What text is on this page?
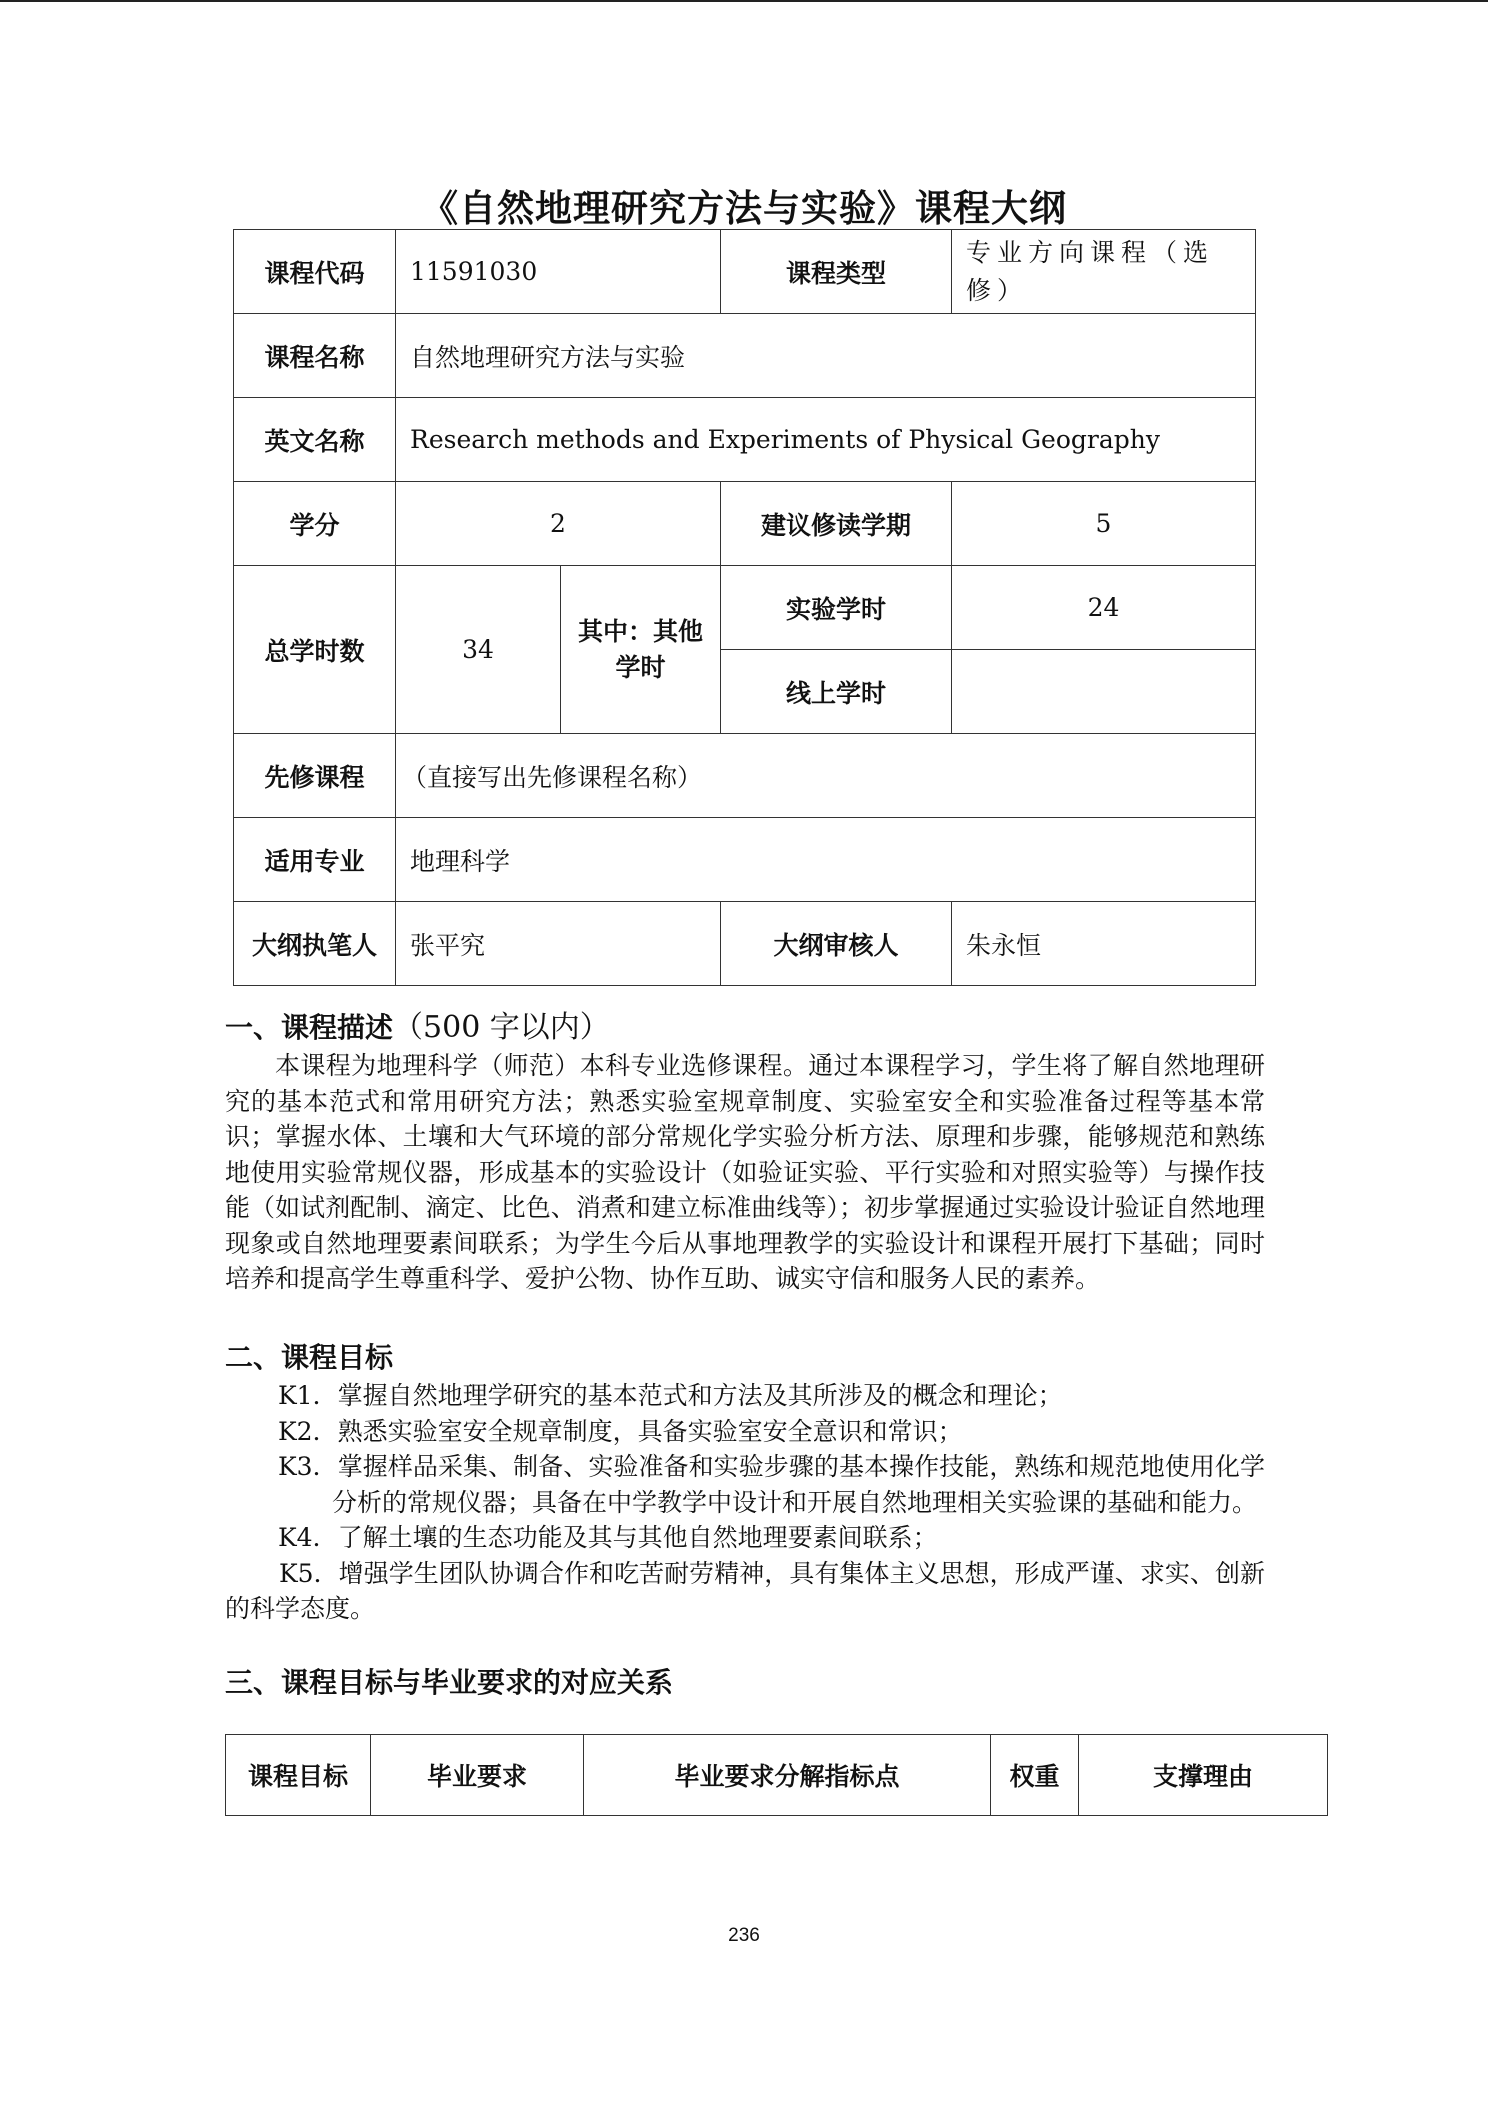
《自然地理研究方法与实验》课程大纲
课程代码	11591030		课程类型	专业方向课程（选修）
课程名称	自然地理研究方法与实验			
英文名称	Research methods and Experiments of Physical Geography			
学分	2		建议修读学期	5
总学时数	34	其中：其他学时	实验学时	24
			线上学时	
先修课程	（直接写出先修课程名称）			
适用专业	地理科学			
大纲执笔人	张平究		大纲审核人	朱永恒
一、课程描述（500 字以内）

本课程为地理科学（师范）本科专业选修课程。通过本课程学习，学生将了解自然地理研究的基本范式和常用研究方法；熟悉实验室规章制度、实验室安全和实验准备过程等基本常识；掌握水体、土壤和大气环境的部分常规化学实验分析方法、原理和步骤，能够规范和熟练地使用实验常规仪器，形成基本的实验设计（如验证实验、平行实验和对照实验等）与操作技能（如试剂配制、滴定、比色、消煮和建立标准曲线等）；初步掌握通过实验设计验证自然地理现象或自然地理要素间联系；为学生今后从事地理教学的实验设计和课程开展打下基础；同时培养和提高学生尊重科学、爱护公物、协作互助、诚实守信和服务人民的素养。

二、课程目标

K1．掌握自然地理学研究的基本范式和方法及其所涉及的概念和理论；

K2．熟悉实验室安全规章制度，具备实验室安全意识和常识；

K3．掌握样品采集、制备、实验准备和实验步骤的基本操作技能，熟练和规范地使用化学分析的常规仪器；具备在中学教学中设计和开展自然地理相关实验课的基础和能力。

K4．了解土壤的生态功能及其与其他自然地理要素间联系；

K5．增强学生团队协调合作和吃苦耐劳精神，具有集体主义思想，形成严谨、求实、创新的科学态度。

三、课程目标与毕业要求的对应关系
课程目标	毕业要求	毕业要求分解指标点	权重	支撑理由
236
